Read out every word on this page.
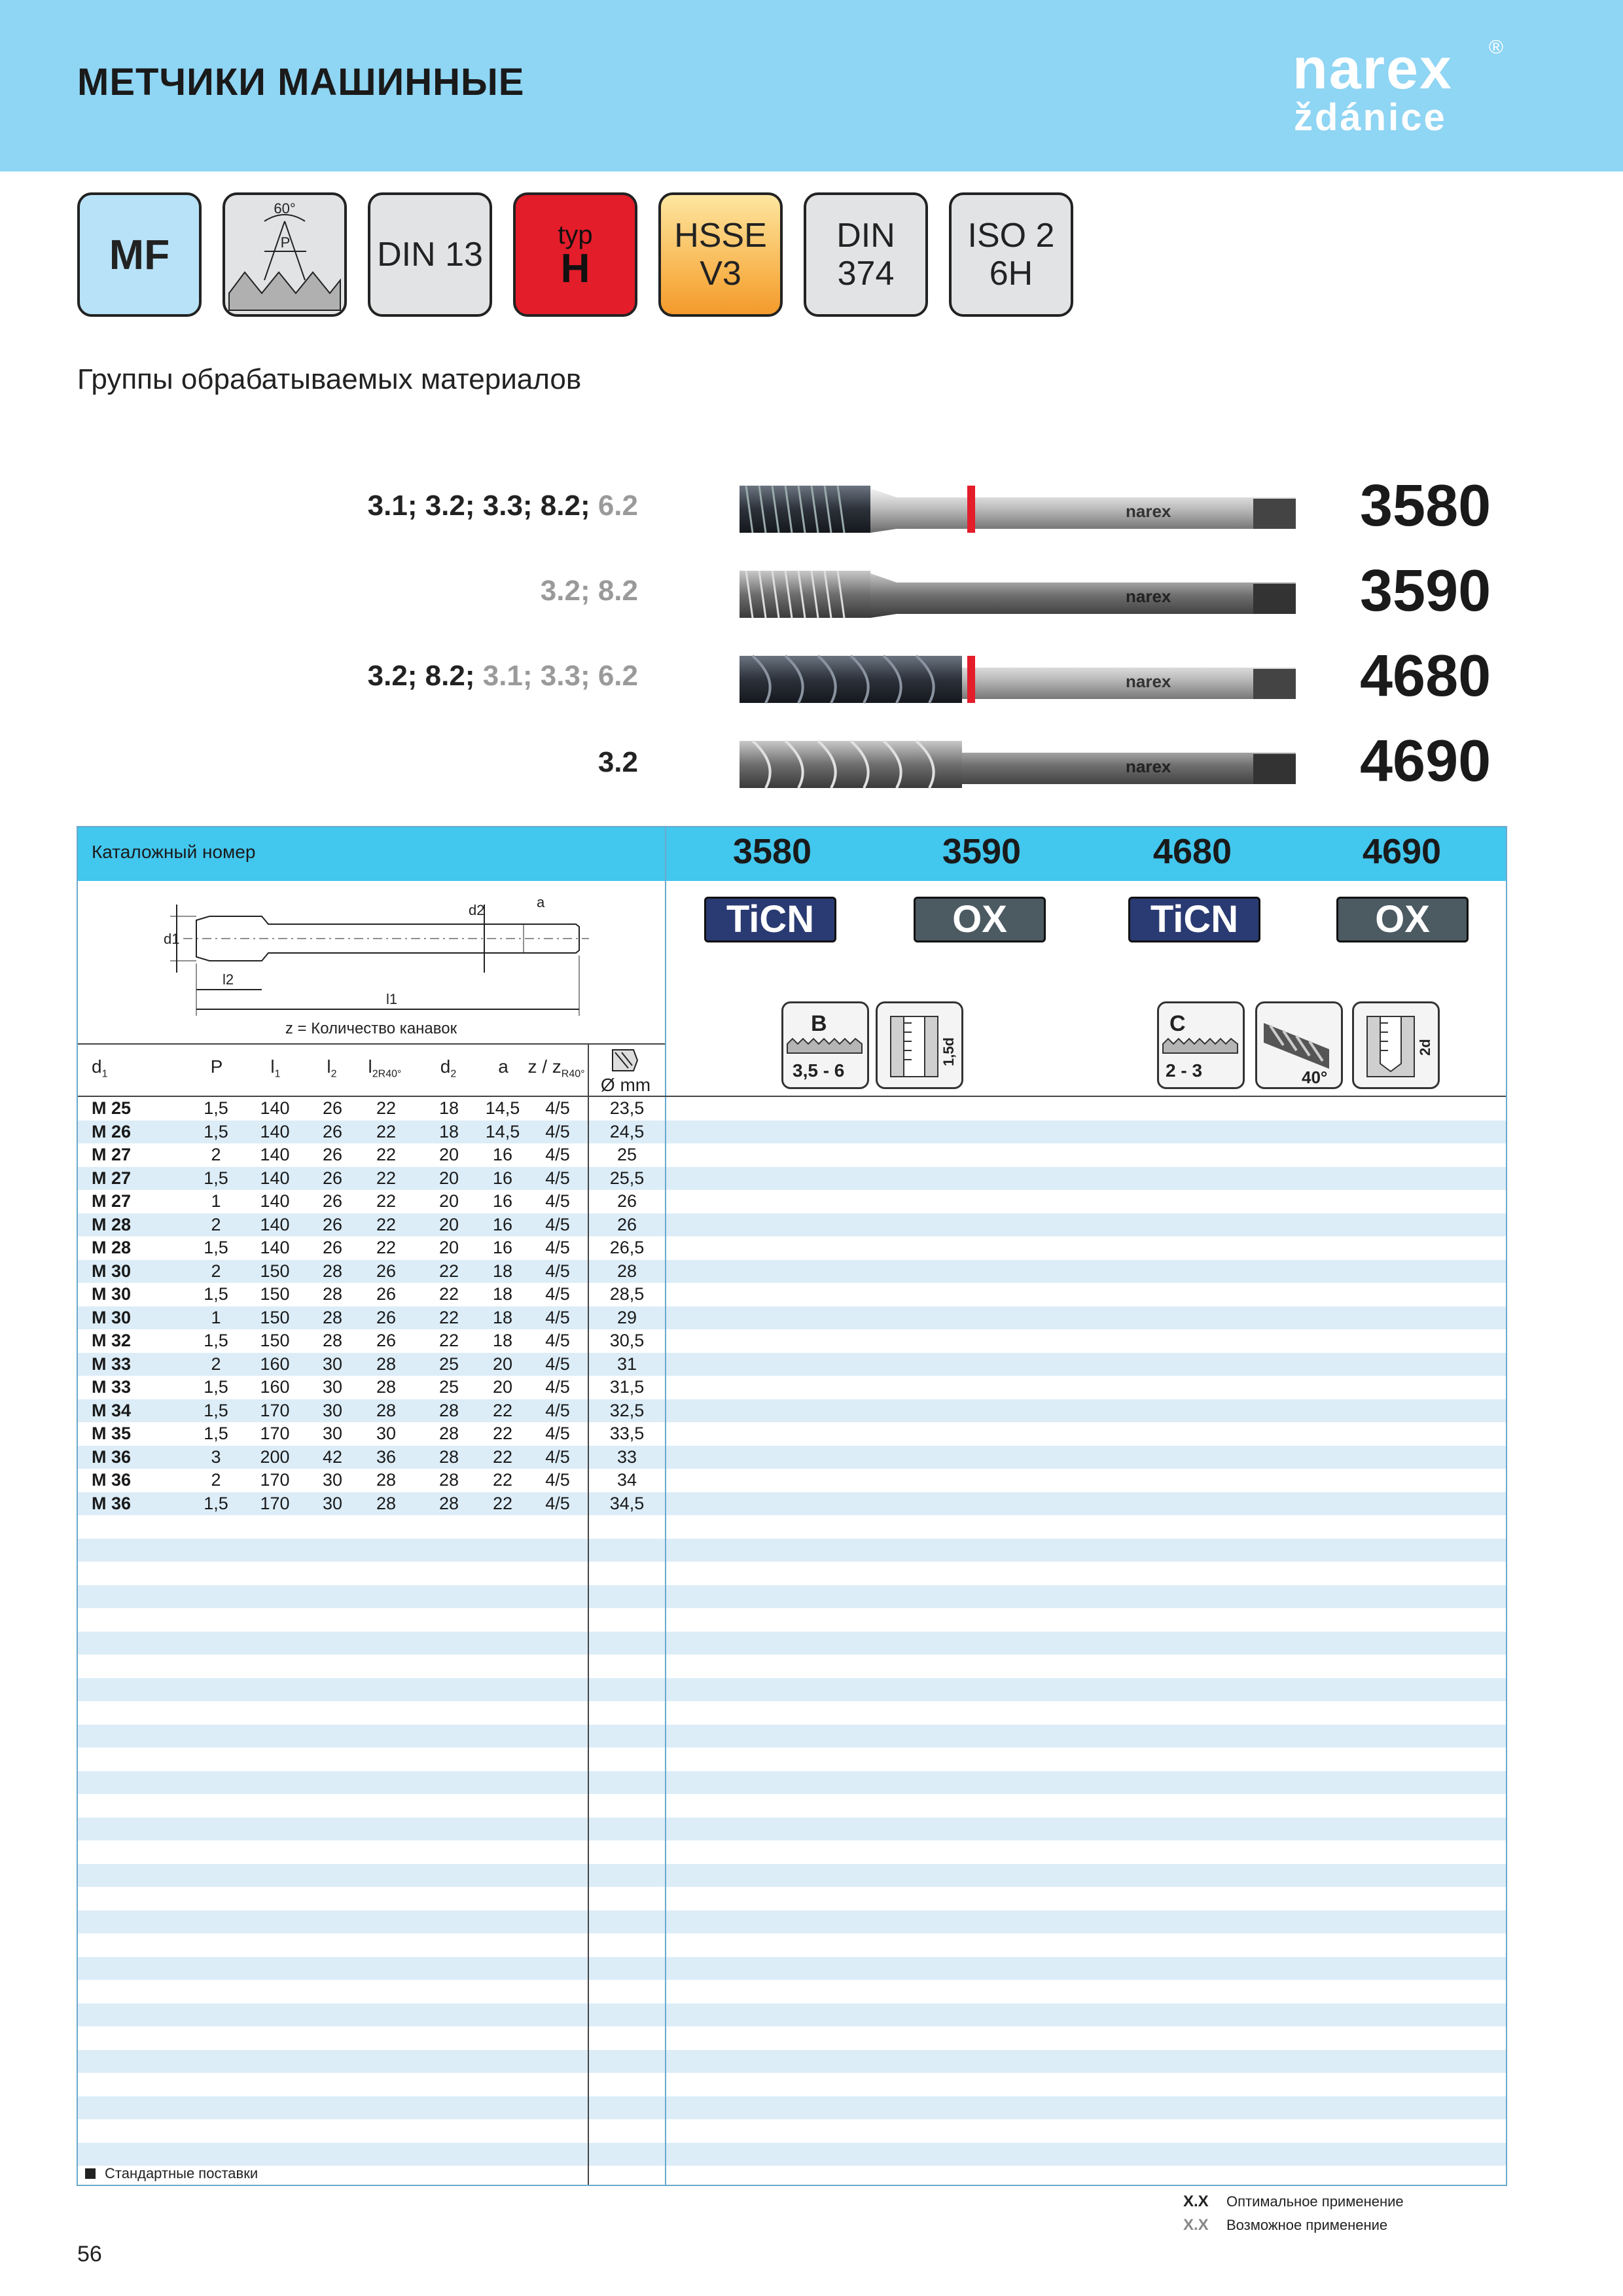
МЕТЧИКИ МАШИННЫЕ	narex
ždánice
®
MF
60°
P	DIN 13
typ
H
HSSE
V3
DIN
374
ISO 2
6H
Группы обрабатываемых материалов
3.1; 3.2; 3.3; 8.2; 6.2
3.2; 8.2
3.2; 8.2; 3.1; 3.3; 6.2
3.2
3580
3590
4680
4690
narex
narex
narex
narex
Каталожный номер	3580	3590	4680	4690
TiCN	OX	TiCN	OX
B
3,5 - 6
1,5d
C
2 - 3	40°
2d
d1
d2	a
l2
l1
z = Количество канавок
$d_1$	P	$l_1$	$l_2$	$l_{2R40^\circ}$	$d_2$	a	z / $z_{R40^\circ}$
Ø mm
M 25	1,5	140	26	22	18	14,5	4/5	23,5
M 26	1,5	140	26	22	18	14,5	4/5	24,5
M 27	2	140	26	22	20	16	4/5	25
M 27	1,5	140	26	22	20	16	4/5	25,5
M 27	1	140	26	22	20	16	4/5	26
M 28	2	140	26	22	20	16	4/5	26
M 28	1,5	140	26	22	20	16	4/5	26,5
M 30	2	150	28	26	22	18	4/5	28
M 30	1,5	150	28	26	22	18	4/5	28,5
M 30	1	150	28	26	22	18	4/5	29
M 32	1,5	150	28	26	22	18	4/5	30,5
M 33	2	160	30	28	25	20	4/5	31
M 33	1,5	160	30	28	25	20	4/5	31,5
M 34	1,5	170	30	28	28	22	4/5	32,5
M 35	1,5	170	30	30	28	22	4/5	33,5
M 36	3	200	42	36	28	22	4/5	33
M 36	2	170	30	28	28	22	4/5	34
M 36	1,5	170	30	28	28	22	4/5	34,5
Стандартные поставки
X.X Оптимальное применение
X.X Возможное применение
56
